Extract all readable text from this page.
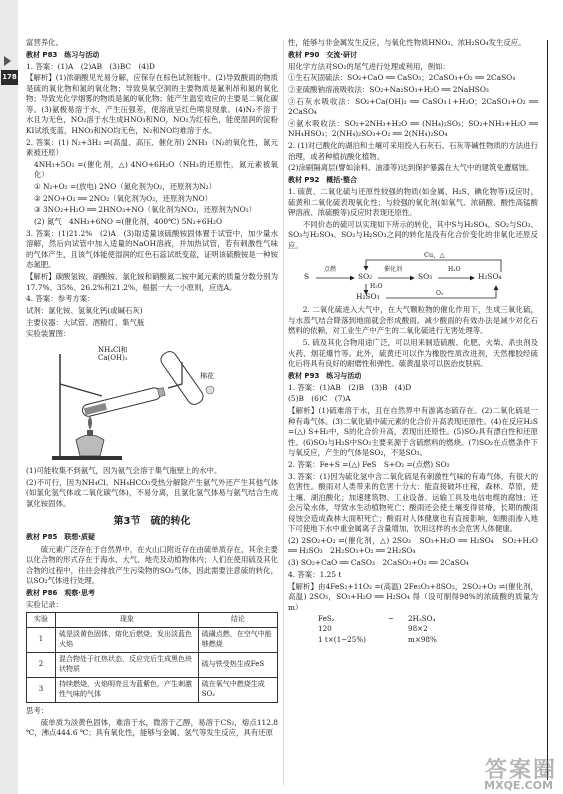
178

富营养化。

教材 P83　练习与活动

1. 答案：(1)A　(2)AB　(3)BC　(4)D

【解析】(1)浓硝酸见光易分解，应保存在棕色试剂瓶中。(2)导致酸雨的物质是硫的氧化物和氮的氧化物；导致臭氧空洞的主要物质是氟利昂和氮的氧化物；导致光化学烟雾的物质是氮的氧化物；能产生温室效应的主要是二氧化碳等。(3)氨极易溶于水，产生压强差，使溶液呈红色喷泉现象。(4)N₂不溶于水且为无色，NO₂溶于水生成HNO₃和NO，NO₂为红棕色，能使湿润的淀粉KI试纸变蓝，HNO₃和NO均无色，N₂和NO均难溶于水。

2. 答案：(1) N₂+3H₂ ⇌(高温、高压、催化剂) 2NH₃（N₂的氧化性，氮元素被还原）

4NH₃+5O₂ =(催化剂，△) 4NO+6H₂O（NH₃的还原性，氮元素被氧化）

① N₂+O₂ =(放电) 2NO（氮化剂为O₂，还原剂为N₂）

② 2NO+O₂ ══ 2NO₂（氧化剂为O₂，还原剂为NO）

③ 3NO₂+H₂O ══ 2HNO₃+NO（氧化剂为NO₂，还原剂为NO₂）

(2) 氮气　4NH₃+6NO =(催化剂，400℃) 5N₂+6H₂O

3. 答案：(1)21.2%　(2)A　(3)取适量该硫酸铵固体置于试管中，加少量水溶解，然后向试管中加入适量的NaOH溶液，并加热试管，若有刺激性气味的气体产生，且该气体能使湿润的红色石蕊试纸变蓝，证明该硫酸铵是一种铵态氮肥。

【解析】碳酸氢铵、硝酸铵、氯化铵和硝酸氮二铵中氮元素的质量分数分别为17.7%、35%、26.2%和21.2%，根据一大一小原则，应选A。

4. 答案：参考方案：

试剂：氯化铵、氢氧化钙(或碱石灰)

主要仪器：大试管、酒精灯、集气瓶

实验装置图：

NH₄Cl和
Ca(OH)₂
棉花

(1)可能收集不到氨气，因为氨气会溶于集气瓶壁上的水中。

(2)不可行，因为NH₄Cl、NH₄HCO₃受热分解除产生氨气外还产生其他气体(如氯化氢气体或二氧化碳气体)，不易分离，且氯化氢气体易与氨气结合生成氯化铵固体。

第3节　硫的转化

教材 P85　联想·质疑

硫元素广泛存在于自然界中，在火山口附近存在由硫单质存在，其余主要以化合物的形式存在于海水、大气、地壳及动植物体内；人们在使用硫及其化合物的过程中，往往会排放产生污染物的SO₂气体，因此需要注意硫的转化，以SO₂气体进行处理。

教材 P86　观察·思考

实验记录：

实验	现象	结论
1	硫是淡黄色固体，熔化后燃烧，发出淡蓝色火焰	硫磺点燃，在空气中能够燃烧
2	混合物处于红热状态，反应完后生成黑色块状物质	硫与铁受热生成FeS
3	持续燃烧，火焰明亮且为蓝紫色，产生刺激性气味的气体	硫在氧气中燃烧生成SO₂

思考：

硫单质为淡黄色固体，难溶于水，微溶于乙醇，易溶于CS₂，熔点112.8 ℃，沸点444.6 ℃；具有氧化性，能够与金属、氢气等发生反应，具有还原

性，能够与非金属发生反应，与氧化性物质HNO₃、浓H₂SO₄发生反应。

教材 P90　交流·研讨

用化学方法对SO₂的尾气进行处理或利用，例如：

①生石灰固硫法：SO₂+CaO ══ CaSO₃；2CaSO₃+O₂ ══ 2CaSO₄

②亚硫酸钠溶液吸收法：SO₂+Na₂SO₃+H₂O ══ 2NaHSO₃

③石灰水吸收法：SO₂+Ca(OH)₂ ══ CaSO₃↓+H₂O；2CaSO₃+O₂ ══ 2CaSO₄

④氨水吸收法：SO₂+2NH₃+H₂O ══ (NH₄)₂SO₃；SO₂+NH₃+H₂O ══ NH₄HSO₃；2(NH₄)₂SO₃+O₂ ══ 2(NH₄)₂SO₄

2. (1)对已酸化的湖泊和土壤可采用投入石灰石、石灰等碱性物质的方法进行治理，或者种植抗酸化植物。

(2)涂刷隔离层(譬如涂料、油漆等)达到保护暴露在大气中的建筑免遭腐蚀。

教材 P92　概括·整合

1. 硫黄、二氧化硫与还原性较强的物质(如金属、H₂S、碘化物等)反应时，硫黄和二氧化硫表现氧化性；与较强的氧化剂(如氧气、浓硝酸、酸性高锰酸钾溶液、浓硫酸等)反应时表现还原性。

不同价态的硫可以实现如下所示的转化，其中S与H₂SO₄、SO₂与SO₃、SO₃与H₂SO₄、SO₂与H₂SO₃之间的转化是没有化合价变化的非氧化还原反应。

S	SO₂	SO₃	H₂SO₄
H₂SO₃
Cu，△
点燃	催化剂	H₂O
H₂O
O₂

2. 二氧化硫进入大气中，在大气颗粒物的催化作用下，生成三氧化硫，与水蒸气结合降落到地面就会形成酸雨。减少酸雨的有效办法是减少对化石燃料的依赖，对工业生产中产生的二氧化硫进行无害处理等。

5. 硫及其化合物用途广泛，可以用来制造硫酸、化肥、火柴、杀虫剂及火药、烟花爆竹等。此外，硫黄还可以作为橡胶性质改进剂，天然橡胶经硫化后将具有良好的耐磨性和弹性。硫黄温泉可以医治皮肤病。

教材 P93　练习与活动

1. 答案：(1)AB　(2)B　(3)B　(4)D

(5)B　(6)C　(7)A

【解析】(1)硫难溶于水，且在自然界中有游离态硫存在。(2)二氧化硫是一种有毒气体。(3)二氧化硫中硫元素的化合价升高表现还原性。(4)在反应H₂S =(△) S+H₂中，S的化合价升高，表现出还原性。(5)SO₂具有漂白性和还原性。(6)SO₂与H₂S中SO₂主要来源于含硫燃料的燃烧。(7)SO₂在点燃条件下与氧反应，产生的气体是SO₂，不是SO₃。

2. 答案：Fe+S =(△) FeS　S+O₂ =(点燃) SO₂

3. 答案：(1)因为硫化氢中含二氧化硫是有刺激性气味的有毒气体，有很大的危害性。酸雨对人类带来的危害十分大：能直接破坏庄稼，森林、草原，使土壤、湖泊酸化；加速建筑物、工业设备、运输工具及电信电缆的腐蚀；还会污染水体，导致水生动植物死亡；酸雨还会使土壤变得贫瘠，长期的酸雨侵蚀会造成森林大面积死亡；酸雨对人体健康也有直接影响，如酸雨渗入地下可使地下水中重金属离子含量增加，饮用这样的水会危害人体健康。

(2) 2SO₂+O₂ ⇌(催化剂，△) 2SO₃　SO₃+H₂O ══ H₂SO₄　SO₂+H₂O ══ H₂SO₃　2H₂SO₃+O₂ ══ 2H₂SO₄

(3) SO₂+CaO ══ CaSO₃　2CaSO₃+O₂ ══ 2CaSO₄

4. 答案：1.25 t

【解析】由4FeS₂+11O₂ =(高温) 2Fe₂O₃+8SO₂，2SO₂+O₂ ⇌(催化剂，高温) 2SO₃，SO₃+H₂O ══ H₂SO₄ 得（设可制得98%的浓硫酸的质量为m）

FeS₂	~ 2H₂SO₄
120	98×2
1 t×(1−25%)	m×98%
答案圈
MXQE.COM
